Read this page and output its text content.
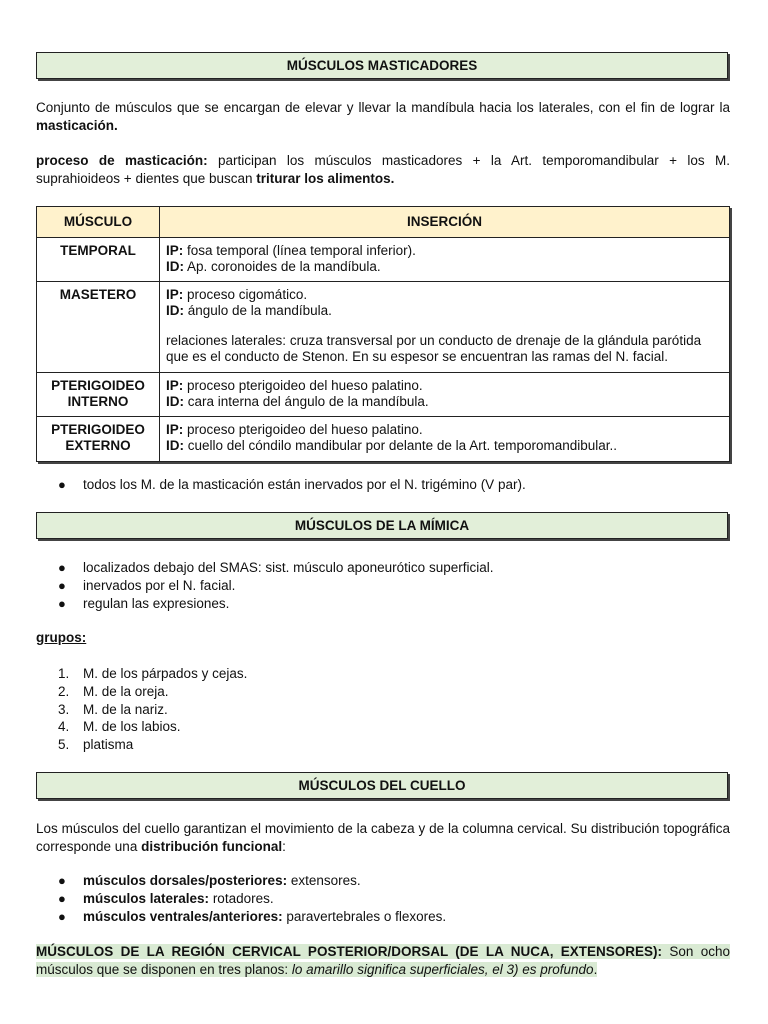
MÚSCULOS MASTICADORES
Conjunto de músculos que se encargan de elevar y llevar la mandíbula hacia los laterales, con el fin de lograr la masticación.
proceso de masticación: participan los músculos masticadores + la Art. temporomandibular + los M. suprahioideos + dientes que buscan triturar los alimentos.
MÚSCULO	INSERCIÓN
TEMPORAL	IP: fosa temporal (línea temporal inferior).
ID: Ap. coronoides de la mandíbula.

MASETERO	IP: proceso cigomático.
ID: ángulo de la mandíbula.
relaciones laterales: cruza transversal por un conducto de drenaje de la glándula parótida que es el conducto de Stenon. En su espesor se encuentran las ramas del N. facial.

PTERIGOIDEO INTERNO	IP: proceso pterigoideo del hueso palatino.
ID: cara interna del ángulo de la mandíbula.

PTERIGOIDEO EXTERNO	IP: proceso pterigoideo del hueso palatino.
ID: cuello del cóndilo mandibular por delante de la Art. temporomandibular..
● todos los M. de la masticación están inervados por el N. trigémino (V par).
MÚSCULOS DE LA MÍMICA
● localizados debajo del SMAS: sist. músculo aponeurótico superficial.
● inervados por el N. facial.
● regulan las expresiones.
grupos:
1. M. de los párpados y cejas.
2. M. de la oreja.
3. M. de la nariz.
4. M. de los labios.
5. platisma
MÚSCULOS DEL CUELLO
Los músculos del cuello garantizan el movimiento de la cabeza y de la columna cervical. Su distribución topográfica corresponde una distribución funcional:
● músculos dorsales/posteriores: extensores.
● músculos laterales: rotadores.
● músculos ventrales/anteriores: paravertebrales o flexores.
MÚSCULOS DE LA REGIÓN CERVICAL POSTERIOR/DORSAL (DE LA NUCA, EXTENSORES): Son ocho músculos que se disponen en tres planos: lo amarillo significa superficiales, el 3) es profundo.
